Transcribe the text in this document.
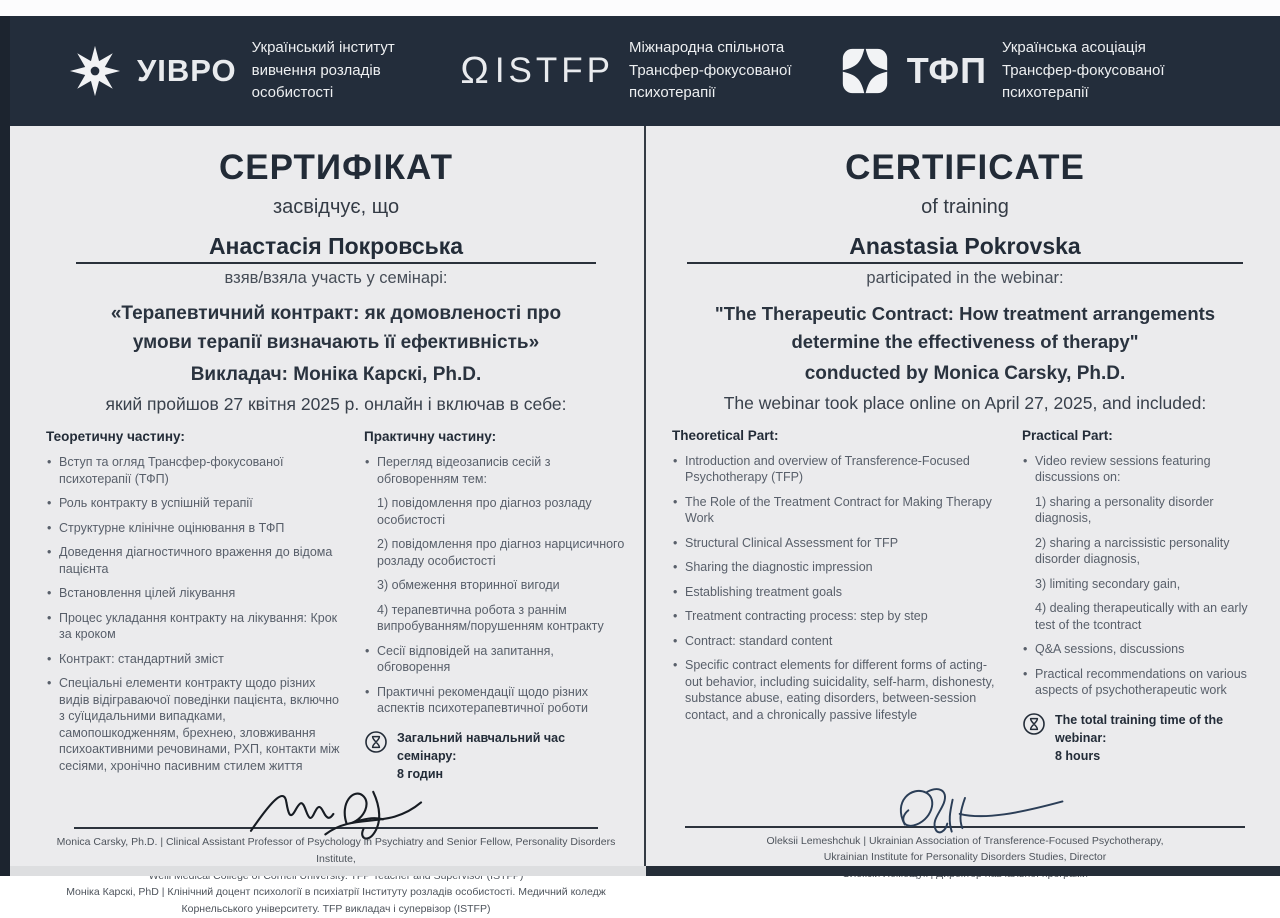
УІВРО
Український інститут вивчення розладів особистості
Ω ISTFP
Міжнародна спільнота Трансфер-фокусованої психотерапії
ТФП
Українська асоціація Трансфер-фокусованої психотерапії
СЕРТИФІКАТ
засвідчує, що
Анастасія Покровська
взяв/взяла участь у семінарі:
«Терапевтичний контракт: як домовленості про умови терапії визначають її ефективність»
Викладач: Моніка Карскі, Ph.D.
який пройшов 27 квітня 2025 р. онлайн і включав в себе:
Теоретичну частину:
• Вступ та огляд Трансфер-фокусованої психотерапії (ТФП)
• Роль контракту в успішній терапії
• Структурне клінічне оцінювання в ТФП
• Доведення діагностичного враження до відома пацієнта
• Встановлення цілей лікування
• Процес укладання контракту на лікування: Крок за кроком
• Контракт: стандартний зміст
• Спеціальні елементи контракту щодо різних видів відіграваючої поведінки пацієнта, включно з суїцидальними випадками, самопошкодженням, брехнею, зловживання психоактивними речовинами, РХП, контакти між сесіями, хронічно пасивним стилем життя
Практичну частину:
• Перегляд відеозаписів сесій з обговоренням тем:
1) повідомлення про діагноз розладу особистості
2) повідомлення про діагноз нарцисичного розладу особистості
3) обмеження вторинної вигоди
4) терапевтична робота з раннім випробуванням/порушенням контракту
• Сесії відповідей на запитання, обговорення
• Практичні рекомендації щодо різних аспектів психотерапевтичної роботи
Загальний навчальний час семінару:
8 годин
Monica Carsky, Ph.D. | Clinical Assistant Professor of Psychology in Psychiatry and Senior Fellow, Personality Disorders Institute,
Моніка Карскі, PhD | Клінічний доцент психології в психіатрії Інституту розладів особистості. Медичний коледж
Корнельського університету. TFP викладач і супервізор (ISTFP)
CERTIFICATE
of training
Anastasia Pokrovska
participated in the webinar:
"The Therapeutic Contract: How treatment arrangements determine the effectiveness of therapy"
conducted by Monica Carsky, Ph.D.
The webinar took place online on April 27, 2025, and included:
Theoretical Part:
• Introduction and overview of Transference-Focused Psychotherapy (TFP)
• The Role of the Treatment Contract for Making Therapy Work
• Structural Clinical Assessment for TFP
• Sharing the diagnostic impression
• Establishing treatment goals
• Treatment contracting process: step by step
• Contract: standard content
• Specific contract elements for different forms of acting-out behavior, including suicidality, self-harm, dishonesty, substance abuse, eating disorders, between-session contact, and a chronically passive lifestyle
Practical Part:
• Video review sessions featuring discussions on:
1) sharing a personality disorder diagnosis,
2) sharing a narcissistic personality disorder diagnosis,
3) limiting secondary gain,
4) dealing therapeutically with an early test of the tcontract
• Q&A sessions, discussions
• Practical recommendations on various aspects of psychotherapeutic work
The total training time of the webinar:
8 hours
Oleksii Lemeshchuk | Ukrainian Association of Transference-Focused Psychotherapy,
Ukrainian Institute for Personality Disorders Studies, Director
